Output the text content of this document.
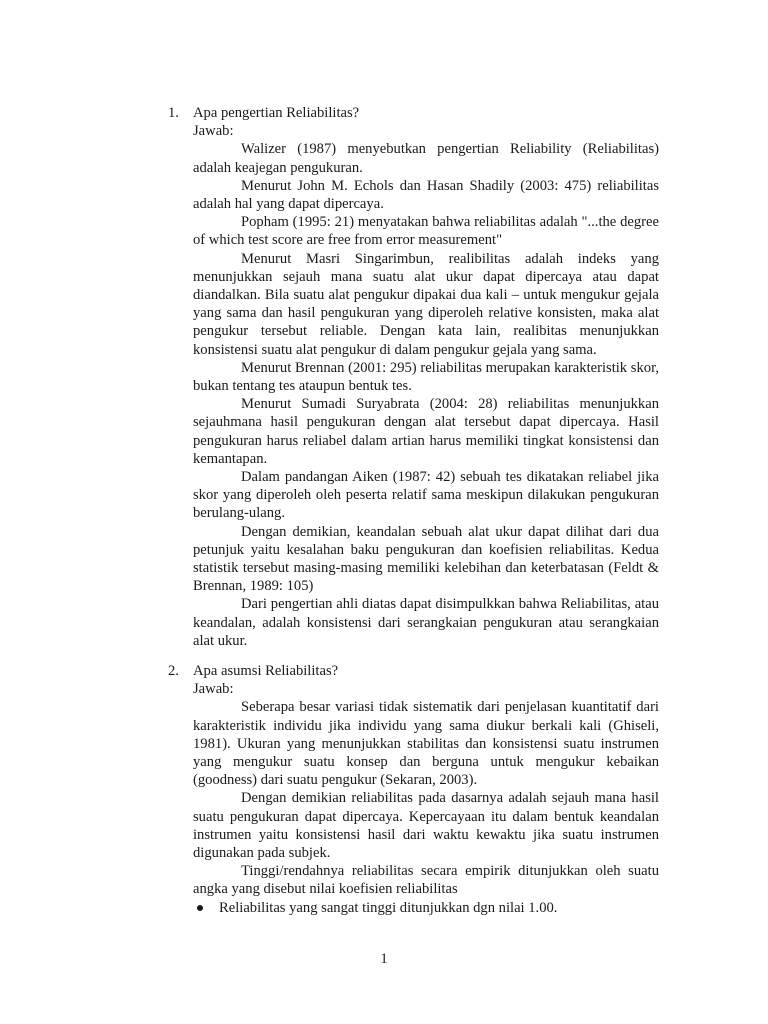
1. Apa pengertian Reliabilitas?
Jawab:

Walizer (1987) menyebutkan pengertian Reliability (Reliabilitas) adalah keajegan pengukuran.

Menurut John M. Echols dan Hasan Shadily (2003: 475) reliabilitas adalah hal yang dapat dipercaya.

Popham (1995: 21) menyatakan bahwa reliabilitas adalah "...the degree of which test score are free from error measurement"

Menurut Masri Singarimbun, realibilitas adalah indeks yang menunjukkan sejauh mana suatu alat ukur dapat dipercaya atau dapat diandalkan. Bila suatu alat pengukur dipakai dua kali – untuk mengukur gejala yang sama dan hasil pengukuran yang diperoleh relative konsisten, maka alat pengukur tersebut reliable. Dengan kata lain, realibitas menunjukkan konsistensi suatu alat pengukur di dalam pengukur gejala yang sama.

Menurut Brennan (2001: 295) reliabilitas merupakan karakteristik skor, bukan tentang tes ataupun bentuk tes.

Menurut Sumadi Suryabrata (2004: 28) reliabilitas menunjukkan sejauhmana hasil pengukuran dengan alat tersebut dapat dipercaya. Hasil pengukuran harus reliabel dalam artian harus memiliki tingkat konsistensi dan kemantapan.

Dalam pandangan Aiken (1987: 42) sebuah tes dikatakan reliabel jika skor yang diperoleh oleh peserta relatif sama meskipun dilakukan pengukuran berulang-ulang.

Dengan demikian, keandalan sebuah alat ukur dapat dilihat dari dua petunjuk yaitu kesalahan baku pengukuran dan koefisien reliabilitas. Kedua statistik tersebut masing-masing memiliki kelebihan dan keterbatasan (Feldt & Brennan, 1989: 105)

Dari pengertian ahli diatas dapat disimpulkkan bahwa Reliabilitas, atau keandalan, adalah konsistensi dari serangkaian pengukuran atau serangkaian alat ukur.

2. Apa asumsi Reliabilitas?
Jawab:

Seberapa besar variasi tidak sistematik dari penjelasan kuantitatif dari karakteristik individu jika individu yang sama diukur berkali kali (Ghiseli, 1981). Ukuran yang menunjukkan stabilitas dan konsistensi suatu instrumen yang mengukur suatu konsep dan berguna untuk mengukur kebaikan (goodness) dari suatu pengukur (Sekaran, 2003).

Dengan demikian reliabilitas pada dasarnya adalah sejauh mana hasil suatu pengukuran dapat dipercaya. Kepercayaan itu dalam bentuk keandalan instrumen yaitu konsistensi hasil dari waktu kewaktu jika suatu instrumen digunakan pada subjek.

Tinggi/rendahnya reliabilitas secara empirik ditunjukkan oleh suatu angka yang disebut nilai koefisien reliabilitas

Reliabilitas yang sangat tinggi ditunjukkan dgn nilai 1.00.
1
